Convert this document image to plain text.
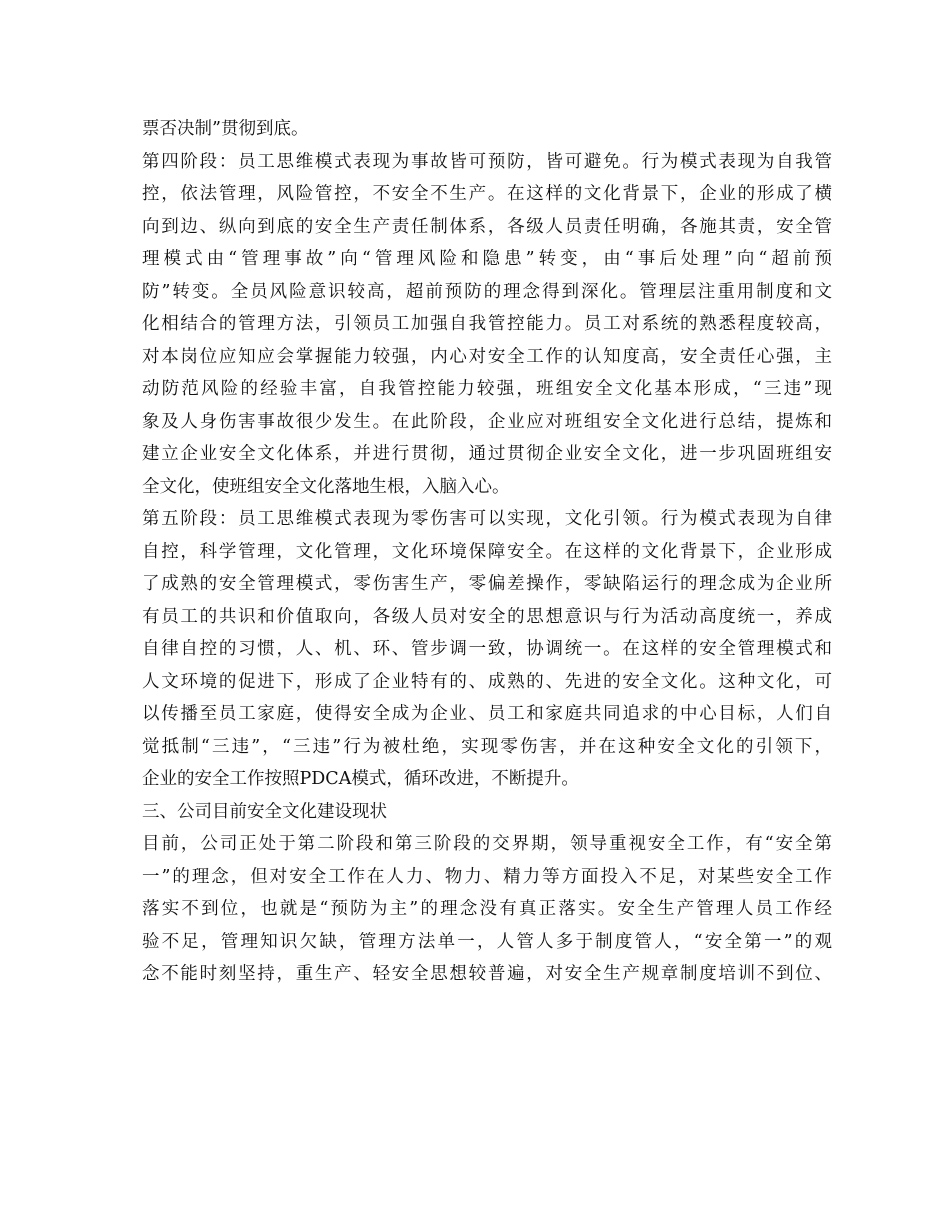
票否决制”贯彻到底。
第四阶段：员工思维模式表现为事故皆可预防，皆可避免。行为模式表现为自我管
控，依法管理，风险管控，不安全不生产。在这样的文化背景下，企业的形成了横
向到边、纵向到底的安全生产责任制体系，各级人员责任明确，各施其责，安全管
理模式由“管理事故”向“管理风险和隐患”转变，由“事后处理”向“超前预
防”转变。全员风险意识较高，超前预防的理念得到深化。管理层注重用制度和文
化相结合的管理方法，引领员工加强自我管控能力。员工对系统的熟悉程度较高，
对本岗位应知应会掌握能力较强，内心对安全工作的认知度高，安全责任心强，主
动防范风险的经验丰富，自我管控能力较强，班组安全文化基本形成，“三违”现
象及人身伤害事故很少发生。在此阶段，企业应对班组安全文化进行总结，提炼和
建立企业安全文化体系，并进行贯彻，通过贯彻企业安全文化，进一步巩固班组安
全文化，使班组安全文化落地生根，入脑入心。
第五阶段：员工思维模式表现为零伤害可以实现，文化引领。行为模式表现为自律
自控，科学管理，文化管理，文化环境保障安全。在这样的文化背景下，企业形成
了成熟的安全管理模式，零伤害生产，零偏差操作，零缺陷运行的理念成为企业所
有员工的共识和价值取向，各级人员对安全的思想意识与行为活动高度统一，养成
自律自控的习惯，人、机、环、管步调一致，协调统一。在这样的安全管理模式和
人文环境的促进下，形成了企业特有的、成熟的、先进的安全文化。这种文化，可
以传播至员工家庭，使得安全成为企业、员工和家庭共同追求的中心目标，人们自
觉抵制“三违”，“三违”行为被杜绝，实现零伤害，并在这种安全文化的引领下，
企业的安全工作按照PDCA模式，循环改进，不断提升。
三、公司目前安全文化建设现状
目前，公司正处于第二阶段和第三阶段的交界期，领导重视安全工作，有“安全第
一”的理念，但对安全工作在人力、物力、精力等方面投入不足，对某些安全工作
落实不到位，也就是“预防为主”的理念没有真正落实。安全生产管理人员工作经
验不足，管理知识欠缺，管理方法单一，人管人多于制度管人，“安全第一”的观
念不能时刻坚持，重生产、轻安全思想较普遍，对安全生产规章制度培训不到位、
